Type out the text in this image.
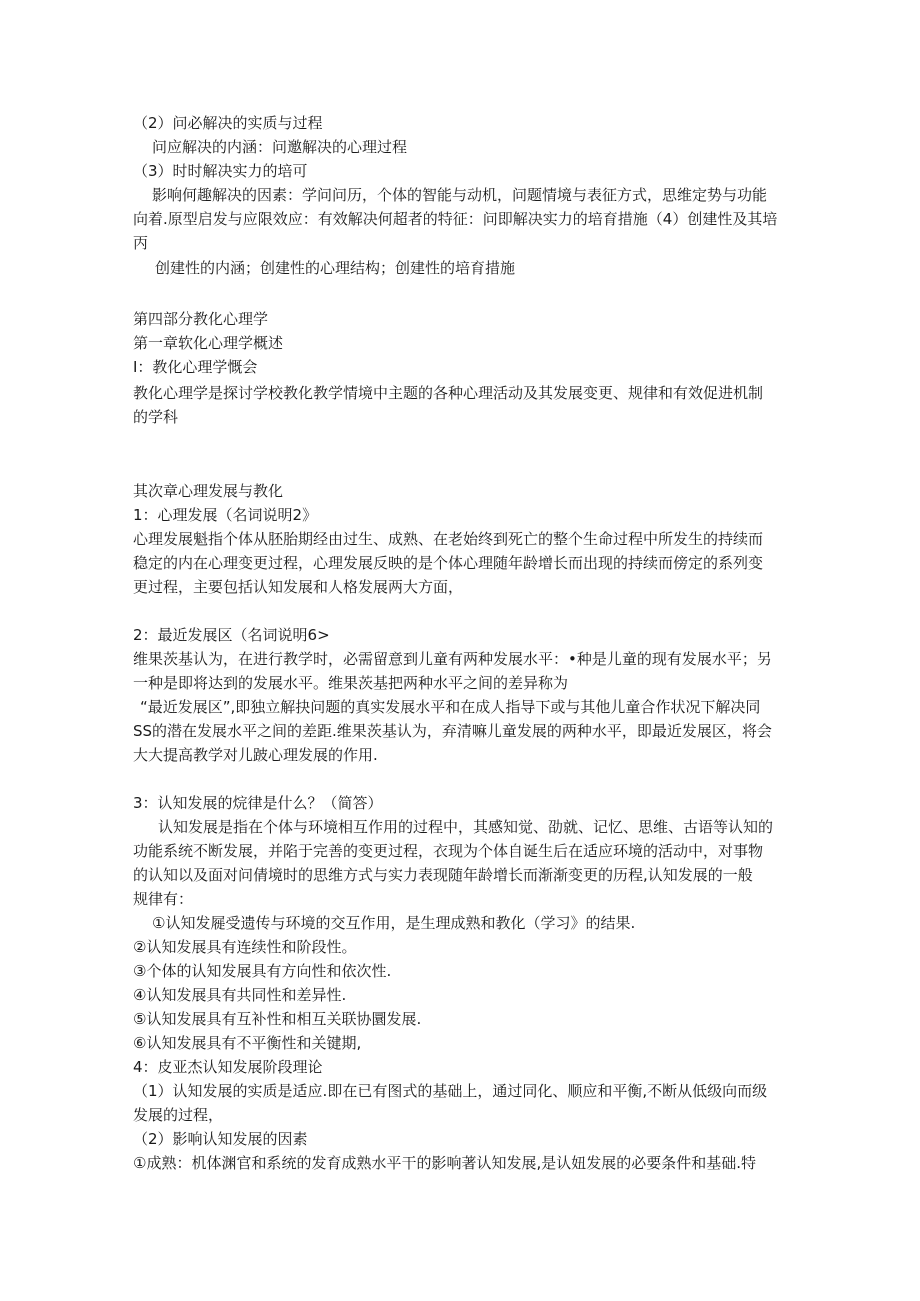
（2）问必解决的实质与过程

问应解决的内涵：问邀解决的心理过程

（3）时时解决实力的培可

影响何趣解决的因素：学问问历，个体的智能与动机，问题情境与表征方式，思维定势与功能

向着.原型启发与应限效应：有效解决何超者的特征：问即解决实力的培育措施（4）创建性及其培

丙

创建性的内涵；创建性的心理结构；创建性的培育措施

第四部分教化心理学

第一章软化心理学概述

I：教化心理学慨会

教化心理学是探讨学校教化教学情境中主题的各种心理活动及其发展变更、规律和有效促进机制

的学科

其次章心理发展与教化

1：心理发展（名词说明2》

心理发展魁指个体从胚胎期经由过生、成熟、在老始终到死亡的整个生命过程中所发生的持续而

稳定的内在心理变更过程，心理发展反映的是个体心理随年龄增长而出现的持续而傍定的系列变

更过程，主要包括认知发展和人格发展两大方面，

2：最近发展区（名词说明6>

维果茨基认为，在进行教学时，必需留意到儿童有两种发展水平：•种是儿童的现有发展水平；另

一种是即将达到的发展水平。维果茨基把两种水平之间的差异称为

“最近发展区”,即独立解抉问题的真实发展水平和在成人指导下或与其他儿童合作状况下解决同

SS的潜在发展水平之间的差距.维果茨基认为，弃清嘛儿童发展的两种水平，即最近发展区，将会

大大提高教学对儿跛心理发展的作用.

3：认知发展的烷律是什么？（简答）

认知发展是指在个体与环境相互作用的过程中，其感知觉、劭就、记忆、思维、古语等认知的

功能系统不断发展，并陷于完善的变更过程，衣现为个体自诞生后在适应环境的活动中，对事物

的认知以及面对问倩境时的思维方式与实力表现随年龄增长而渐渐变更的历程,认知发展的一般

规律有：

①认知发屣受遗传与环境的交互作用，是生理成熟和教化（学习》的结果.

②认知发展具有连续性和阶段性。

③个体的认知发展具有方向性和依次性.

④认知发展具有共同性和差异性.

⑤认知发展具有互补性和相互关联协圜发展.

⑥认知发展具有不平衡性和关键期,

4：皮亚杰认知发展阶段理论

（1）认知发展的实质是适应.即在已有图式的基础上，通过同化、顺应和平衡,不断从低级向而级

发展的过程，

（2）影响认知发展的因素

①成熟：机体渊官和系统的发育成熟水平干的影响著认知发展,是认妞发展的必要条件和基础.特
